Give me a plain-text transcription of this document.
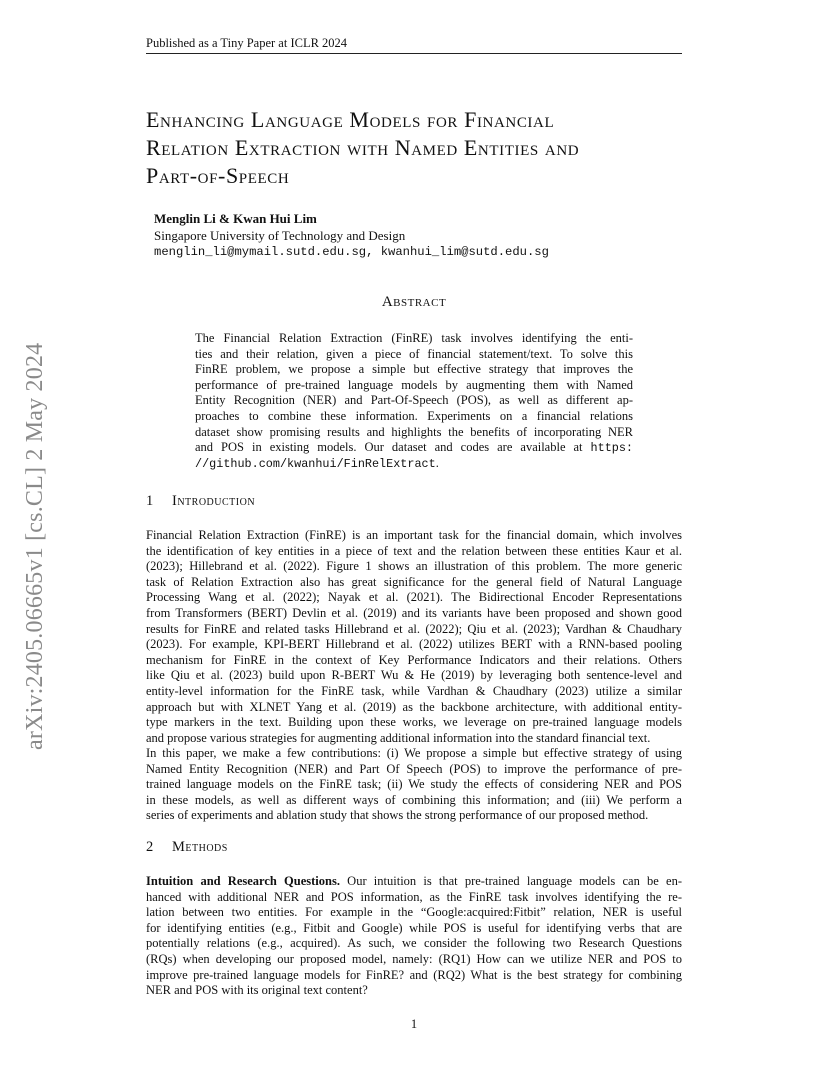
Published as a Tiny Paper at ICLR 2024
arXiv:2405.06665v1 [cs.CL] 2 May 2024
Enhancing Language Models for Financial
Relation Extraction with Named Entities and
Part-of-Speech
Menglin Li & Kwan Hui Lim
Singapore University of Technology and Design
menglin_li@mymail.sutd.edu.sg, kwanhui_lim@sutd.edu.sg
Abstract
The Financial Relation Extraction (FinRE) task involves identifying the enti-
ties and their relation, given a piece of financial statement/text. To solve this
FinRE problem, we propose a simple but effective strategy that improves the
performance of pre-trained language models by augmenting them with Named
Entity Recognition (NER) and Part-Of-Speech (POS), as well as different ap-
proaches to combine these information. Experiments on a financial relations
dataset show promising results and highlights the benefits of incorporating NER
and POS in existing models. Our dataset and codes are available at https:
//github.com/kwanhui/FinRelExtract.
1 Introduction
Financial Relation Extraction (FinRE) is an important task for the financial domain, which involves
the identification of key entities in a piece of text and the relation between these entities Kaur et al.
(2023); Hillebrand et al. (2022). Figure 1 shows an illustration of this problem. The more generic
task of Relation Extraction also has great significance for the general field of Natural Language
Processing Wang et al. (2022); Nayak et al. (2021). The Bidirectional Encoder Representations
from Transformers (BERT) Devlin et al. (2019) and its variants have been proposed and shown good
results for FinRE and related tasks Hillebrand et al. (2022); Qiu et al. (2023); Vardhan & Chaudhary
(2023). For example, KPI-BERT Hillebrand et al. (2022) utilizes BERT with a RNN-based pooling
mechanism for FinRE in the context of Key Performance Indicators and their relations. Others
like Qiu et al. (2023) build upon R-BERT Wu & He (2019) by leveraging both sentence-level and
entity-level information for the FinRE task, while Vardhan & Chaudhary (2023) utilize a similar
approach but with XLNET Yang et al. (2019) as the backbone architecture, with additional entity-
type markers in the text. Building upon these works, we leverage on pre-trained language models
and propose various strategies for augmenting additional information into the standard financial text.
In this paper, we make a few contributions: (i) We propose a simple but effective strategy of using
Named Entity Recognition (NER) and Part Of Speech (POS) to improve the performance of pre-
trained language models on the FinRE task; (ii) We study the effects of considering NER and POS
in these models, as well as different ways of combining this information; and (iii) We perform a
series of experiments and ablation study that shows the strong performance of our proposed method.
2 Methods
Intuition and Research Questions. Our intuition is that pre-trained language models can be en-
hanced with additional NER and POS information, as the FinRE task involves identifying the re-
lation between two entities. For example in the “Google:acquired:Fitbit” relation, NER is useful
for identifying entities (e.g., Fitbit and Google) while POS is useful for identifying verbs that are
potentially relations (e.g., acquired). As such, we consider the following two Research Questions
(RQs) when developing our proposed model, namely: (RQ1) How can we utilize NER and POS to
improve pre-trained language models for FinRE? and (RQ2) What is the best strategy for combining
NER and POS with its original text content?
1
